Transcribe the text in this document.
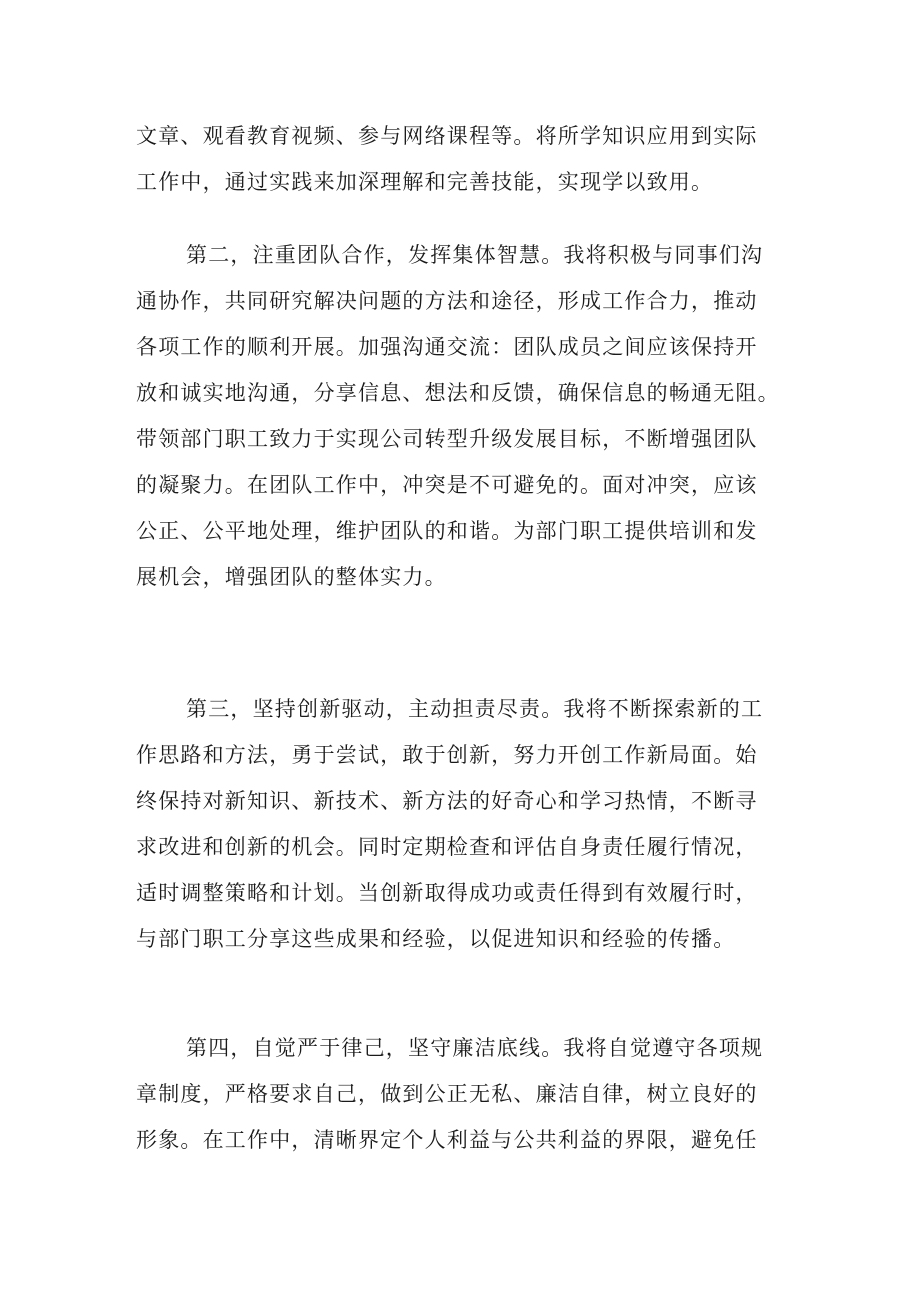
文章、观看教育视频、参与网络课程等。将所学知识应用到实际
工作中，通过实践来加深理解和完善技能，实现学以致用。
第二，注重团队合作，发挥集体智慧。我将积极与同事们沟
通协作，共同研究解决问题的方法和途径，形成工作合力，推动
各项工作的顺利开展。加强沟通交流：团队成员之间应该保持开
放和诚实地沟通，分享信息、想法和反馈，确保信息的畅通无阻。
带领部门职工致力于实现公司转型升级发展目标，不断增强团队
的凝聚力。在团队工作中，冲突是不可避免的。面对冲突，应该
公正、公平地处理，维护团队的和谐。为部门职工提供培训和发
展机会，增强团队的整体实力。
第三，坚持创新驱动，主动担责尽责。我将不断探索新的工
作思路和方法，勇于尝试，敢于创新，努力开创工作新局面。始
终保持对新知识、新技术、新方法的好奇心和学习热情，不断寻
求改进和创新的机会。同时定期检查和评估自身责任履行情况，
适时调整策略和计划。当创新取得成功或责任得到有效履行时，
与部门职工分享这些成果和经验，以促进知识和经验的传播。
第四，自觉严于律己，坚守廉洁底线。我将自觉遵守各项规
章制度，严格要求自己，做到公正无私、廉洁自律，树立良好的
形象。在工作中，清晰界定个人利益与公共利益的界限，避免任
